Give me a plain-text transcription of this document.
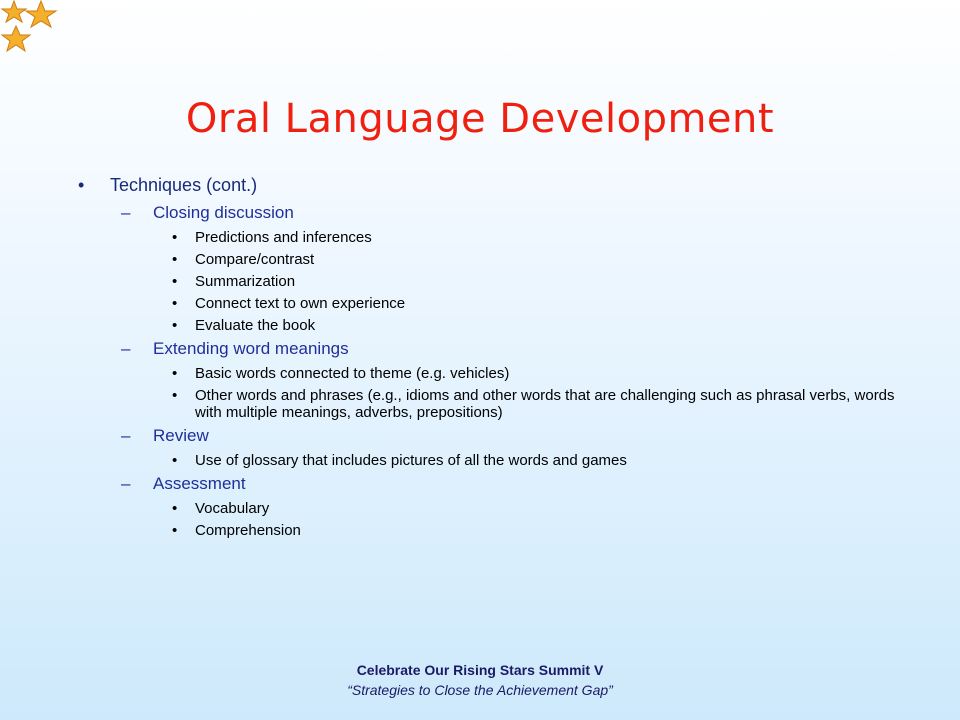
Oral Language Development
• Techniques (cont.)
– Closing discussion
• Predictions and inferences
• Compare/contrast
• Summarization
• Connect text to own experience
• Evaluate the book
– Extending word meanings
• Basic words connected to theme (e.g. vehicles)
• Other words and phrases (e.g., idioms and other words that are challenging such as phrasal verbs, words with multiple meanings, adverbs, prepositions)
– Review
• Use of glossary that includes pictures of all the words and games
– Assessment
• Vocabulary
• Comprehension
Celebrate Our Rising Stars Summit V
“Strategies to Close the Achievement Gap”
